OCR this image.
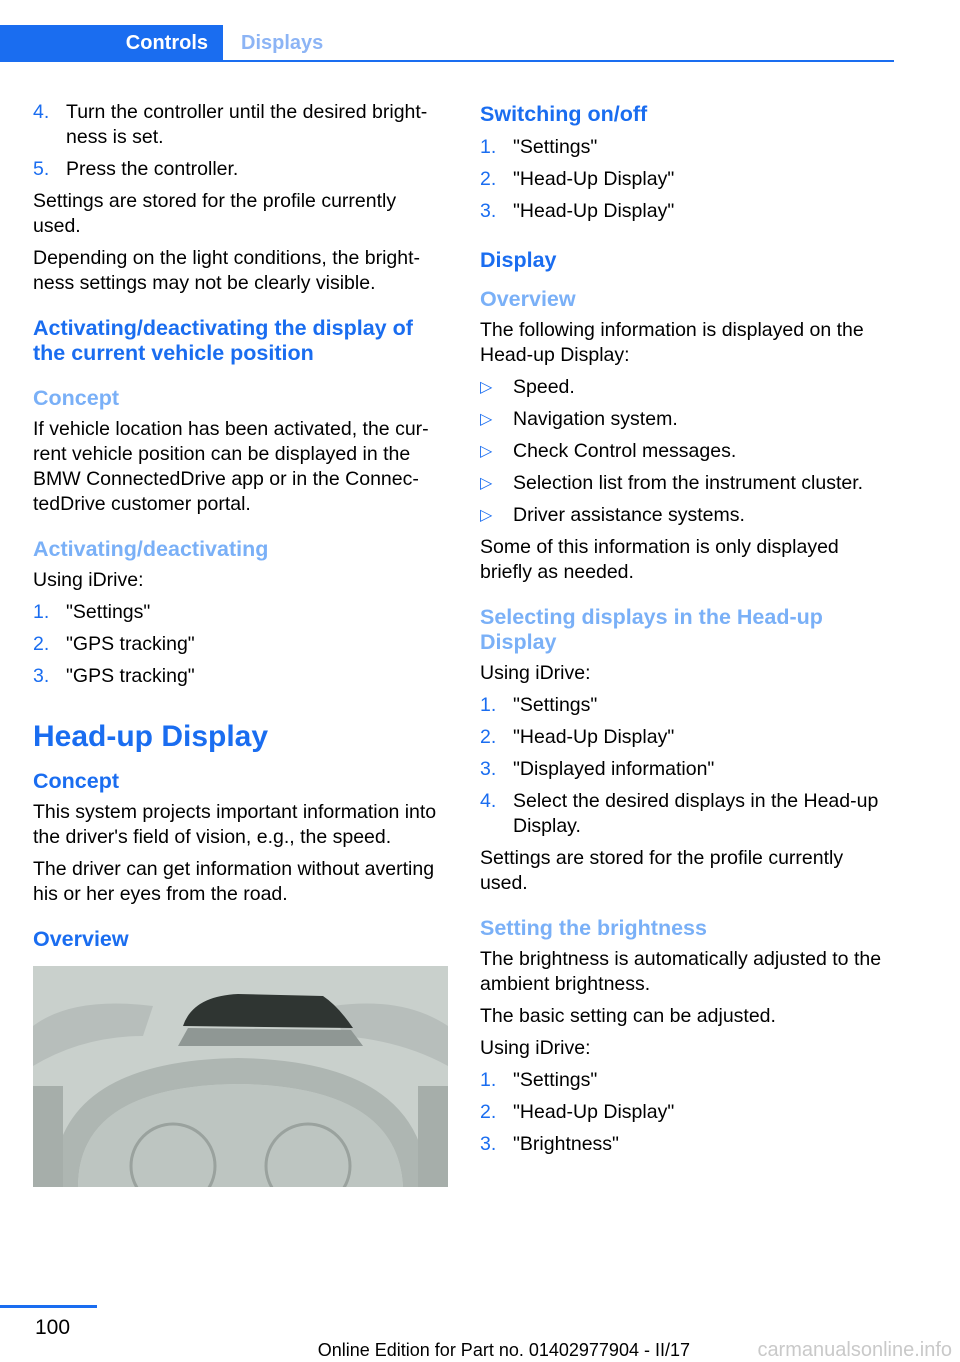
Controls	Displays
4. Turn the controller until the desired bright‐ness is set.
5. Press the controller.

Settings are stored for the profile currently used.

Depending on the light conditions, the bright‐ness settings may not be clearly visible.

Activating/deactivating the display of the current vehicle position
Concept

If vehicle location has been activated, the cur‐rent vehicle position can be displayed in the BMW ConnectedDrive app or in the Connec‐tedDrive customer portal.

Activating/deactivating

Using iDrive:

1. "Settings"
2. "GPS tracking"
3. "GPS tracking"
Head-up Display
Concept

This system projects important information into the driver's field of vision, e.g., the speed.

The driver can get information without averting his or her eyes from the road.

Overview
Switching on/off
1. "Settings"
2. "Head-Up Display"
3. "Head-Up Display"
Display
Overview

The following information is displayed on the Head-up Display:

▷ Speed.
▷ Navigation system.
▷ Check Control messages.
▷ Selection list from the instrument cluster.
▷ Driver assistance systems.

Some of this information is only displayed briefly as needed.

Selecting displays in the Head-up Display

Using iDrive:

1. "Settings"
2. "Head-Up Display"
3. "Displayed information"
4. Select the desired displays in the Head-up Display.

Settings are stored for the profile currently used.

Setting the brightness

The brightness is automatically adjusted to the ambient brightness.

The basic setting can be adjusted.

Using iDrive:

1. "Settings"
2. "Head-Up Display"
3. "Brightness"
100
Online Edition for Part no. 01402977904 - II/17	carmanualsonline.info
